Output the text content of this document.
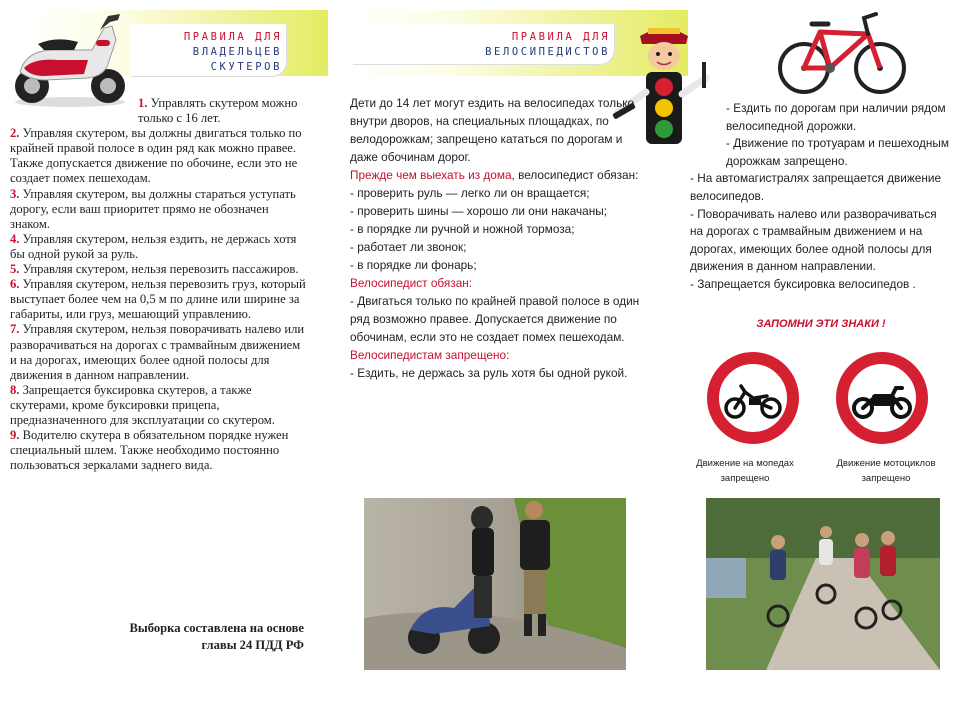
ПРАВИЛА ДЛЯ
ВЛАДЕЛЬЦЕВ
СКУТЕРОВ
ПРАВИЛА ДЛЯ
ВЕЛОСИПЕДИСТОВ

1. Управлять скутером можно только с 16 лет.

2. Управляя скутером, вы должны двигаться только по крайней правой полосе в один ряд как можно правее. Также допускается движение по обочине, если это не создает помех пешеходам.

3. Управляя скутером, вы должны стараться уступать дорогу, если ваш приоритет прямо не обозначен знаком.

4. Управляя скутером, нельзя ездить, не держась хотя бы одной рукой за руль.

5. Управляя скутером, нельзя перевозить пассажиров.

6. Управляя скутером, нельзя перевозить груз, который выступает более чем на 0,5 м по длине или ширине за габариты, или груз, мешающий управлению.

7. Управляя скутером, нельзя поворачивать налево или разворачиваться на дорогах с трамвайным движением и на дорогах, имеющих более одной полосы для движения в данном направлении.

8. Запрещается буксировка скутеров, а также скутерами, кроме буксировки прицепа, предназначенного для эксплуатации со скутером.

9. Водителю скутера в обязательном порядке нужен специальный шлем. Также необходимо постоянно пользоваться зеркалами заднего вида.

Выборка составлена на основе
главы 24 ПДД РФ

Дети до 14 лет могут ездить на велосипедах только внутри дворов, на специальных площадках, по велодорожкам; запрещено кататься по дорогам и даже обочинам дорог.

Прежде чем выехать из дома, велосипедист обязан:

- проверить руль — легко ли он вращается;

- проверить шины — хорошо ли они накачаны;

- в порядке ли ручной и ножной тормоза;

- работает ли звонок;

- в порядке ли фонарь;

Велосипедист обязан:

- Двигаться только по крайней правой полосе в один ряд возможно правее. Допускается движение по обочинам, если это не создает помех пешеходам.

Велосипедистам запрещено:

- Ездить, не держась за руль хотя бы одной рукой.

- Ездить по дорогам при наличии рядом велосипедной дорожки.

- Движение по тротуарам и пешеходным дорожкам запрещено.

- На автомагистралях запрещается движение велосипедов.

- Поворачивать налево или разворачиваться на дорогах с трамвайным движением и на дорогах, имеющих более одной полосы для движения в данном направлении.

- Запрещается буксировка велосипедов .

ЗАПОМНИ ЭТИ ЗНАКИ !
Движение на мопедах
запрещено
Движение мотоциклов
запрещено
